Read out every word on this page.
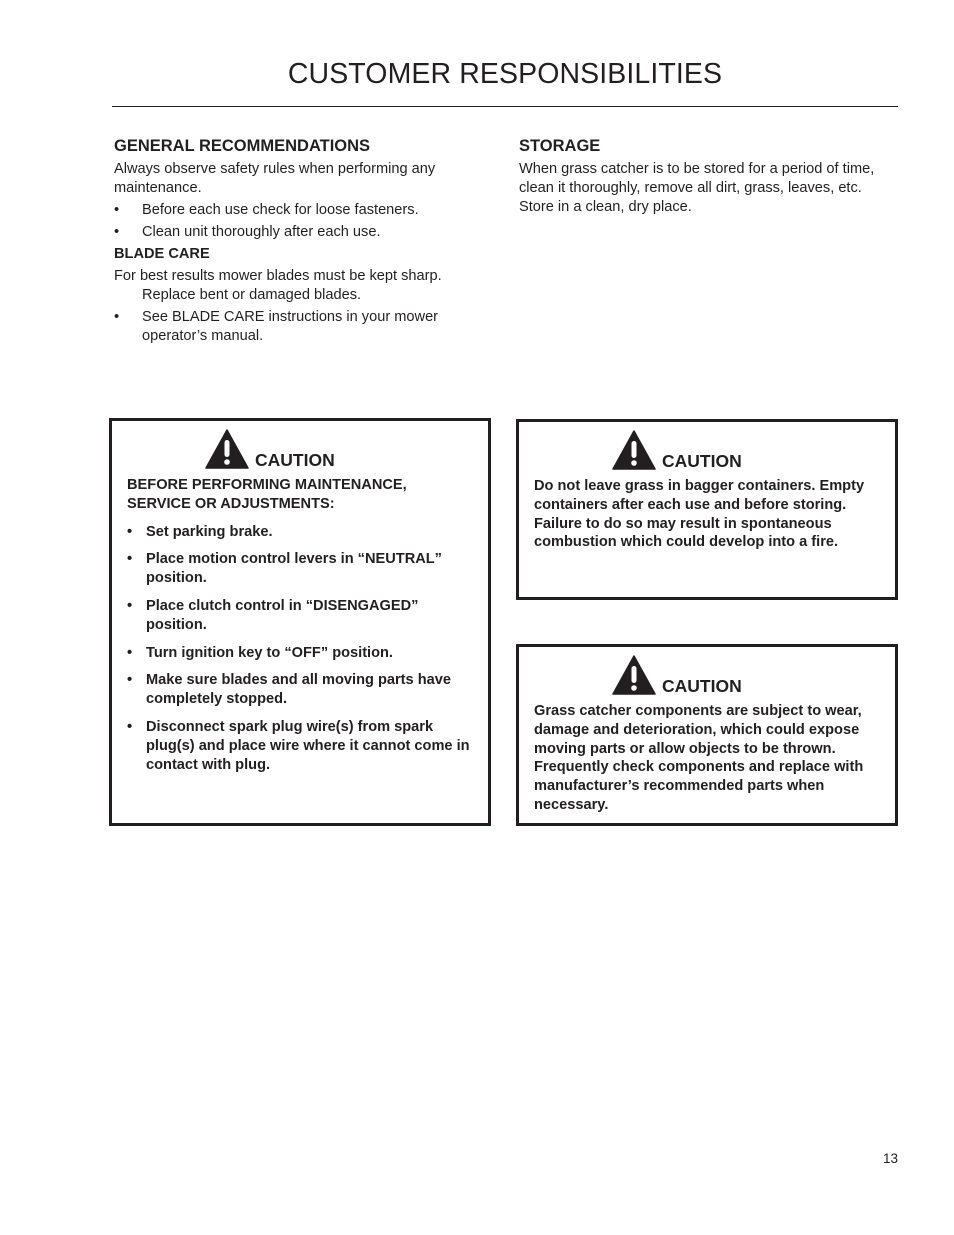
CUSTOMER RESPONSIBILITIES
GENERAL RECOMMENDATIONS
Always observe safety rules when performing any maintenance.
•	Before each use check for loose fasteners.
•	Clean unit thoroughly after each use.
BLADE CARE
For best results mower blades must be kept sharp. Replace bent or damaged blades.
•	See BLADE CARE instructions in your mower operator’s manual.
STORAGE
When grass catcher is to be stored for a period of time, clean it thoroughly, remove all dirt, grass, leaves, etc. Store in a clean, dry place.
CAUTION
BEFORE PERFORMING MAINTENANCE, SERVICE OR ADJUSTMENTS:
• Set parking brake.
• Place motion control levers in “NEUTRAL” position.
• Place clutch control in “DISENGAGED” position.
• Turn ignition key to “OFF” position.
• Make sure blades and all moving parts have completely stopped.
• Disconnect spark plug wire(s) from spark plug(s) and place wire where it cannot come in contact with plug.
CAUTION
Do not leave grass in bagger containers. Empty containers after each use and before storing. Failure to do so may result in spontaneous combustion which could develop into a fire.
CAUTION
Grass catcher components are subject to wear, damage and deterioration, which could expose moving parts or allow objects to be thrown. Frequently check components and replace with manufacturer’s recommended parts when necessary.
13
